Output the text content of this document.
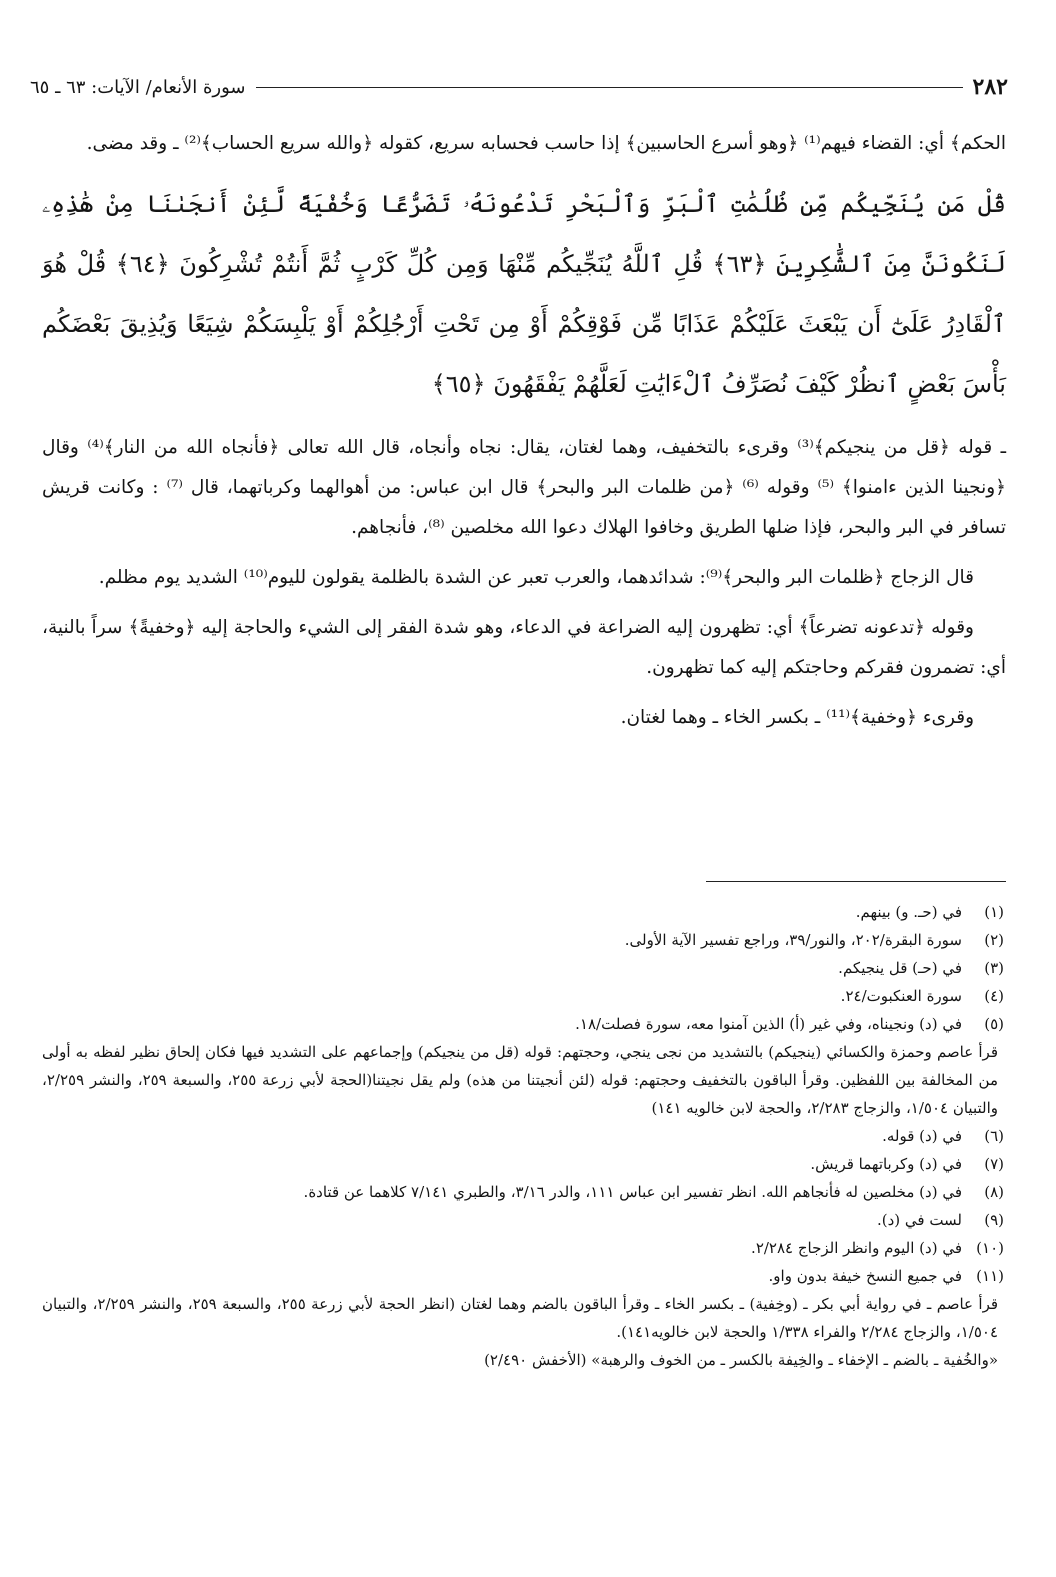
سورة الأنعام/ الآيات: ٦٣ ـ ٦٥	٢٨٢

الحكم﴾ أي: القضاء فيهم⁽¹⁾ ﴿وهو أسرع الحاسبين﴾ إذا حاسب فحسابه سريع، كقوله ﴿والله سريع الحساب﴾⁽²⁾ ـ وقد مضى.

قُلْ مَن يُنَجِّيكُم مِّن ظُلُمَٰتِ ٱلْبَرِّ وَٱلْبَحْرِ تَدْعُونَهُۥ تَضَرُّعًا وَخُفْيَةً لَّئِنْ أَنجَىٰنَا مِنْ هَٰذِهِۦ لَنَكُونَنَّ مِنَ ٱلشَّٰكِرِينَ ﴿٦٣﴾ قُلِ ٱللَّهُ يُنَجِّيكُم مِّنْهَا وَمِن كُلِّ كَرْبٍ ثُمَّ أَنتُمْ تُشْرِكُونَ ﴿٦٤﴾ قُلْ هُوَ ٱلْقَادِرُ عَلَىٰٓ أَن يَبْعَثَ عَلَيْكُمْ عَذَابًا مِّن فَوْقِكُمْ أَوْ مِن تَحْتِ أَرْجُلِكُمْ أَوْ يَلْبِسَكُمْ شِيَعًا وَيُذِيقَ بَعْضَكُم بَأْسَ بَعْضٍ ٱنظُرْ كَيْفَ نُصَرِّفُ ٱلْءَايَٰتِ لَعَلَّهُمْ يَفْقَهُونَ ﴿٦٥﴾

ـ قوله ﴿قل من ينجيكم﴾⁽³⁾ وقرىء بالتخفيف، وهما لغتان، يقال: نجاه وأنجاه، قال الله تعالى ﴿فأنجاه الله من النار﴾⁽⁴⁾ وقال ﴿ونجينا الذين ءامنوا﴾ ⁽⁵⁾ وقوله ⁽⁶⁾ ﴿من ظلمات البر والبحر﴾ قال ابن عباس: من أهوالهما وكرباتهما، قال ⁽⁷⁾ : وكانت قريش تسافر في البر والبحر، فإذا ضلها الطريق وخافوا الهلاك دعوا الله مخلصين ⁽⁸⁾، فأنجاهم.

قال الزجاج ﴿ظلمات البر والبحر﴾⁽⁹⁾: شدائدهما، والعرب تعبر عن الشدة بالظلمة يقولون لليوم⁽¹⁰⁾ الشديد يوم مظلم.

وقوله ﴿تدعونه تضرعاً﴾ أي: تظهرون إليه الضراعة في الدعاء، وهو شدة الفقر إلى الشيء والحاجة إليه ﴿وخفيةً﴾ سراً بالنية، أي: تضمرون فقركم وحاجتكم إليه كما تظهرون.

وقرىء ﴿وخفية﴾⁽¹¹⁾ ـ بكسر الخاء ـ وهما لغتان.

(١)في (حـ. و) بينهم.

(٢)سورة البقرة/٢٠٢، والنور/٣٩، وراجع تفسير الآية الأولى.

(٣)في (حـ) قل ينجيكم.

(٤)سورة العنكبوت/٢٤.

(٥)في (د) ونجيناه، وفي غير (أ) الذين آمنوا معه، سورة فصلت/١٨.

قرأ عاصم وحمزة والكسائي (ينجيكم) بالتشديد من نجى ينجي، وحجتهم: قوله (قل من ينجيكم) وإجماعهم على التشديد فيها فكان إلحاق نظير لفظه به أولى من المخالفة بين اللفظين. وقرأ الباقون بالتخفيف وحجتهم: قوله (لئن أنجيتنا من هذه) ولم يقل نجيتنا(الحجة لأبي زرعة ٢٥٥، والسبعة ٢٥٩، والنشر ٢/٢٥٩، والتبيان ١/٥٠٤، والزجاج ٢/٢٨٣، والحجة لابن خالويه ١٤١)

(٦)في (د) قوله.

(٧)في (د) وكرباتهما قريش.

(٨)في (د) مخلصين له فأنجاهم الله. انظر تفسير ابن عباس ١١١، والدر ٣/١٦، والطبري ٧/١٤١ كلاهما عن قتادة.

(٩)لست في (د).

(١٠)في (د) اليوم وانظر الزجاج ٢/٢٨٤.

(١١)في جميع النسخ خيفة بدون واو.

قرأ عاصم ـ في رواية أبي بكر ـ (وخِفية) ـ بكسر الخاء ـ وقرأ الباقون بالضم وهما لغتان (انظر الحجة لأبي زرعة ٢٥٥، والسبعة ٢٥٩، والنشر ٢/٢٥٩، والتبيان ١/٥٠٤، والزجاج ٢/٢٨٤ والفراء ١/٣٣٨ والحجة لابن خالويه١٤١).

«والخُفية ـ بالضم ـ الإخفاء ـ والخِيفة بالكسر ـ من الخوف والرهبة» (الأخفش ٢/٤٩٠)
